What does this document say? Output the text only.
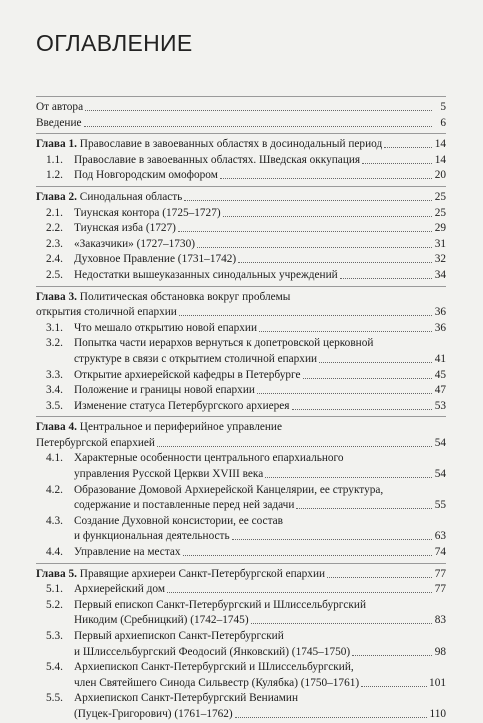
ОГЛАВЛЕНИЕ
От автора	5
Введение	6
Глава 1. Православие в завоеванных областях в досинодальный период	14
1.1. Православие в завоеванных областях. Шведская оккупация	14
1.2. Под Новгородским омофором	20
Глава 2. Синодальная область	25
2.1. Тиунская контора (1725–1727)	25
2.2. Тиунская изба (1727)	29
2.3. «Заказчики» (1727–1730)	31
2.4. Духовное Правление (1731–1742)	32
2.5. Недостатки вышеуказанных синодальных учреждений	34
Глава 3. Политическая обстановка вокруг проблемы
открытия столичной епархии	36
3.1. Что мешало открытию новой епархии	36
3.2. Попытка части иерархов вернуться к допетровской церковной
структуре в связи с открытием столичной епархии	41
3.3. Открытие архиерейской кафедры в Петербурге	45
3.4. Положение и границы новой епархии	47
3.5. Изменение статуса Петербургского архиерея	53
Глава 4. Центральное и периферийное управление
Петербургской епархией	54
4.1. Характерные особенности центрального епархиального
управления Русской Церкви XVIII века	54
4.2. Образование Домовой Архиерейской Канцелярии, ее структура,
содержание и поставленные перед ней задачи	55
4.3. Создание Духовной консистории, ее состав
и функциональная деятельность	63
4.4. Управление на местах	74
Глава 5. Правящие архиереи Санкт-Петербургской епархии	77
5.1. Архиерейский дом	77
5.2. Первый епископ Санкт-Петербургский и Шлиссельбургский
Никодим (Сребницкий) (1742–1745)	83
5.3. Первый архиепископ Санкт-Петербургский
и Шлиссельбургский Феодосий (Янковский) (1745–1750)	98
5.4. Архиепископ Санкт-Петербургский и Шлиссельбургский,
член Святейшего Синода Сильвестр (Кулябка) (1750–1761)	101
5.5. Архиепископ Санкт-Петербургский Вениамин
(Пуцек-Григорович) (1761–1762)	110
